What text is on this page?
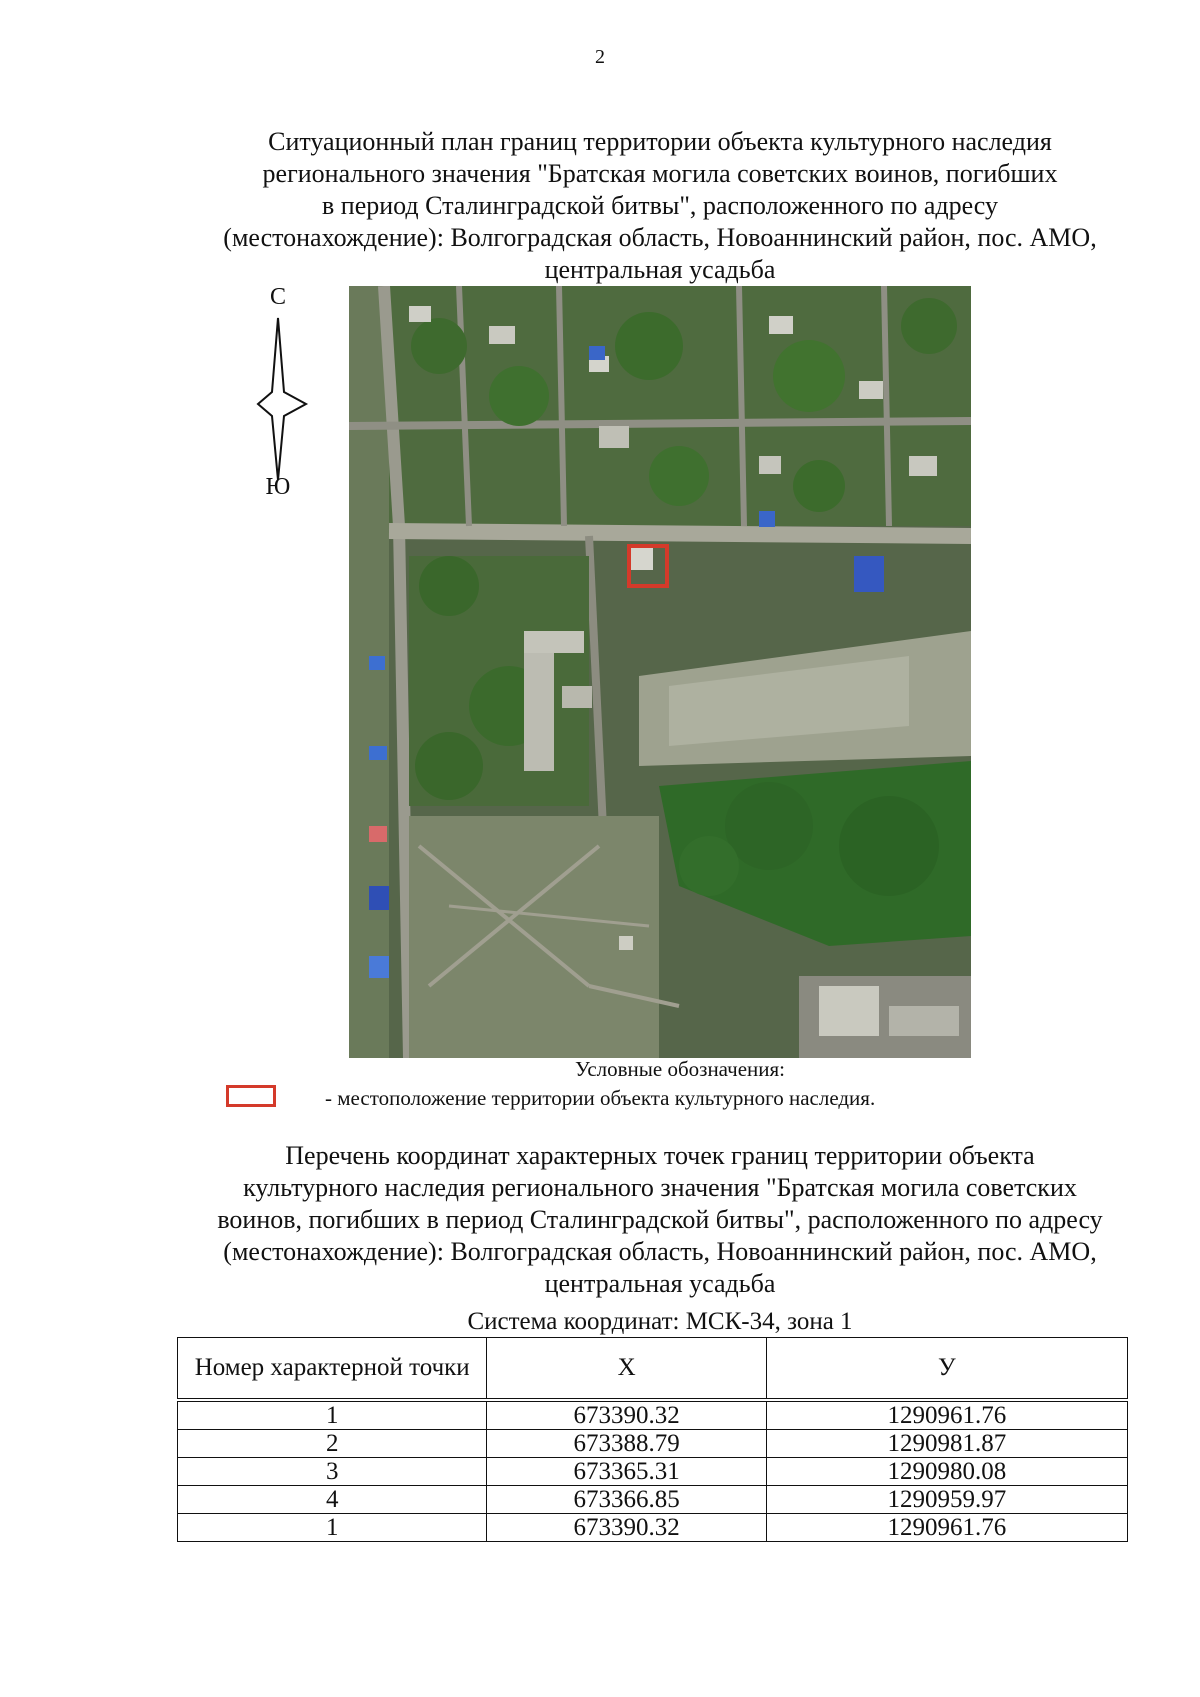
2
Ситуационный план границ территории объекта культурного наследия
регионального значения "Братская могила советских воинов, погибших
в период Сталинградской битвы", расположенного по адресу
(местонахождение): Волгоградская область, Новоаннинский район, пос. АМО,
центральная усадьба
С
Ю
Условные обозначения:
- местоположение территории объекта культурного наследия.
Перечень координат характерных точек границ территории объекта
культурного наследия регионального значения "Братская могила советских
воинов, погибших в период Сталинградской битвы", расположенного по адресу
(местонахождение): Волгоградская область, Новоаннинский район, пос. АМО,
центральная усадьба
Система координат: МСК-34, зона 1
Номер характерной точки	X	У
1	673390.32	1290961.76
2	673388.79	1290981.87
3	673365.31	1290980.08
4	673366.85	1290959.97
1	673390.32	1290961.76
